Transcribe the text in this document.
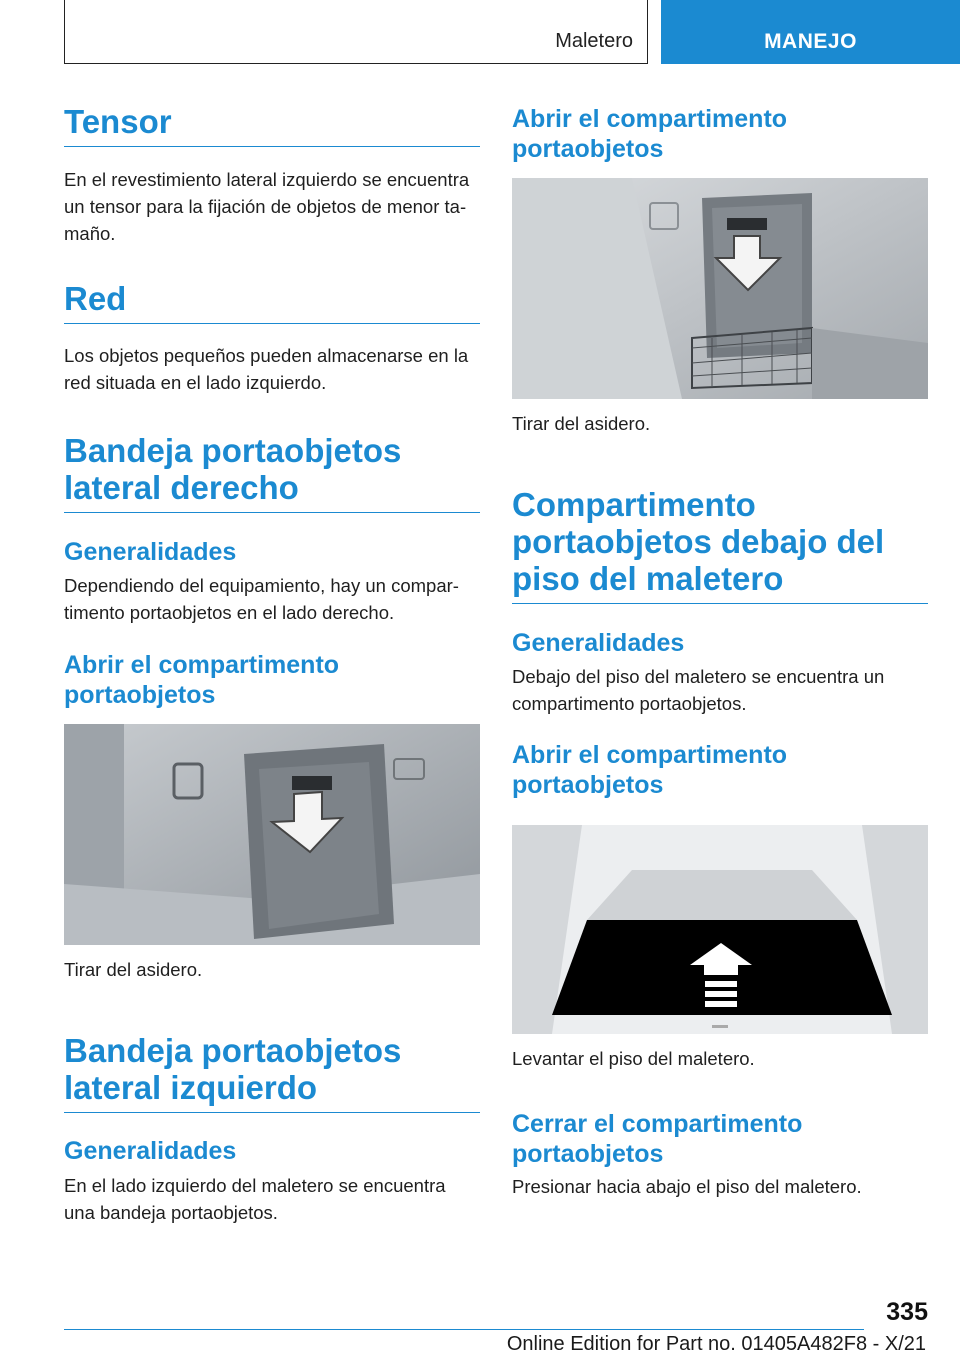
Maletero	MANEJO
Tensor

En el revestimiento lateral izquierdo se encuentra un tensor para la fijación de objetos de menor tamaño.

Red

Los objetos pequeños pueden almacenarse en la red situada en el lado izquierdo.

Bandeja portaobjetos lateral derecho
Generalidades

Dependiendo del equipamiento, hay un compartimento portaobjetos en el lado derecho.

Abrir el compartimento portaobjetos

Tirar del asidero.

Bandeja portaobjetos lateral izquierdo
Generalidades

En el lado izquierdo del maletero se encuentra una bandeja portaobjetos.

Abrir el compartimento portaobjetos

Tirar del asidero.

Compartimento portaobjetos debajo del piso del maletero
Generalidades

Debajo del piso del maletero se encuentra un compartimento portaobjetos.

Abrir el compartimento portaobjetos

Levantar el piso del maletero.

Cerrar el compartimento portaobjetos

Presionar hacia abajo el piso del maletero.

335
Online Edition for Part no. 01405A482F8 - X/21
